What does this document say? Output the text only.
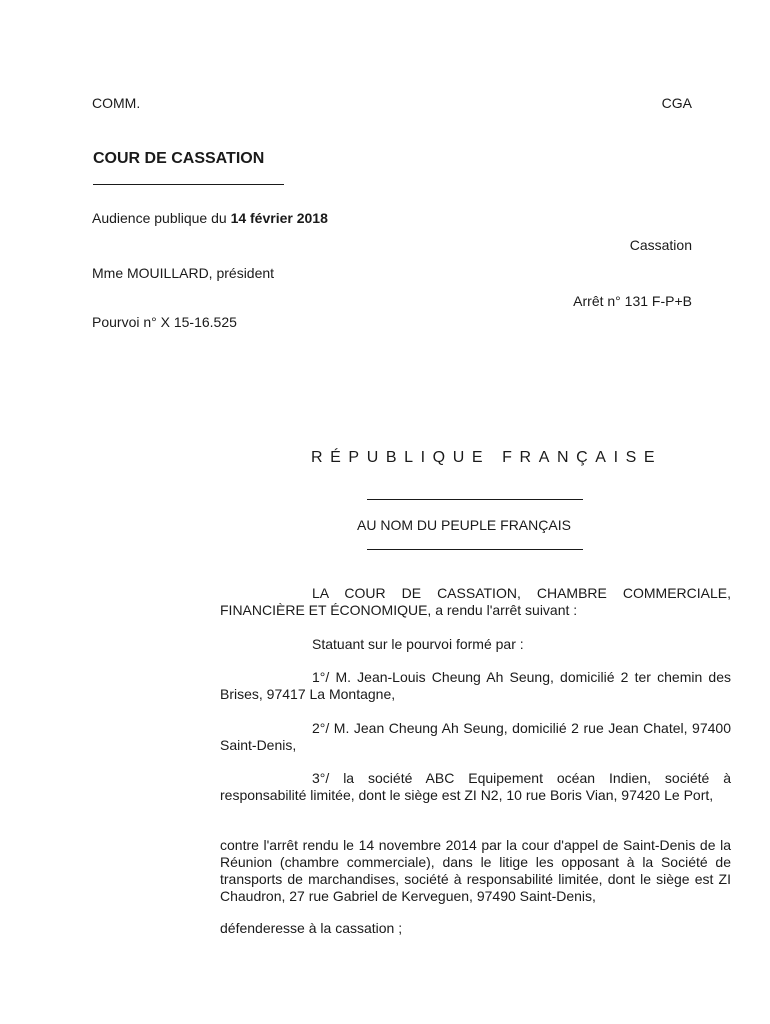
COMM.	CGA
COUR DE CASSATION
Audience publique du 14 février 2018
Cassation
Mme MOUILLARD, président
Arrêt n° 131 F-P+B
Pourvoi n° X 15-16.525
RÉPUBLIQUE FRANÇAISE
AU NOM DU PEUPLE FRANÇAIS

LA COUR DE CASSATION, CHAMBRE COMMERCIALE, FINANCIÈRE ET ÉCONOMIQUE, a rendu l'arrêt suivant :

Statuant sur le pourvoi formé par :

1°/ M. Jean-Louis Cheung Ah Seung, domicilié 2 ter chemin des Brises, 97417 La Montagne,

2°/ M. Jean Cheung Ah Seung, domicilié 2 rue Jean Chatel, 97400 Saint-Denis,

3°/ la société ABC Equipement océan Indien, société à responsabilité limitée, dont le siège est ZI N2, 10 rue Boris Vian, 97420 Le Port,

contre l'arrêt rendu le 14 novembre 2014 par la cour d'appel de Saint-Denis de la Réunion (chambre commerciale), dans le litige les opposant à la Société de transports de marchandises, société à responsabilité limitée, dont le siège est ZI Chaudron, 27 rue Gabriel de Kerveguen, 97490 Saint-Denis,

défenderesse à la cassation ;
